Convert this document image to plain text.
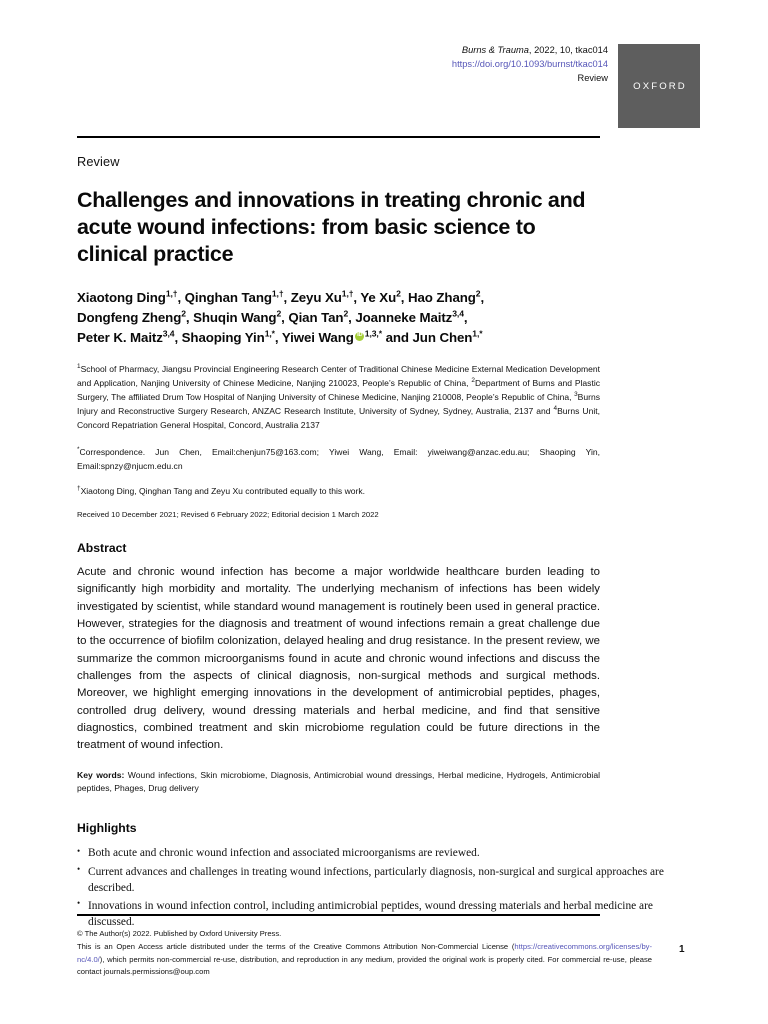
Burns & Trauma, 2022, 10, tkac014
https://doi.org/10.1093/burnst/tkac014
Review
OXFORD
Review
Challenges and innovations in treating chronic and acute wound infections: from basic science to clinical practice
Xiaotong Ding$^{1,\dagger}$, Qinghan Tang$^{1,\dagger}$, Zeyu $Xu^{1,\dagger}$, Ye Xu$^2$, Hao Zhang$^2$,
Dongfeng Zheng$^2$, Shuqin Wang$^2$, Qian Tan$^2$, Joanneke Maitz$^{3,4}$,
Peter K. Maitz$^{3,4}$, Shaoping Yin$^{1,*}$, Yiwei Wang iD $^{1,3,*}$ and Jun Chen$^{1,*}$
$^1$School of Pharmacy, Jiangsu Provincial Engineering Research Center of Traditional Chinese Medicine External Medication Development and Application, Nanjing University of Chinese Medicine, Nanjing 210023, People’s Republic of China, $^2$Department of Burns and Plastic Surgery, The affiliated Drum Tow Hospital of Nanjing University of Chinese Medicine, Nanjing 210008, People’s Republic of China, $^3$Burns Injury and Reconstructive Surgery Research, ANZAC Research Institute, University of Sydney, Sydney, Australia, 2137 and $^4$Burns Unit, Concord Repatriation General Hospital, Concord, Australia 2137
*Correspondence. Jun Chen, Email:chenjun75@163.com; Yiwei Wang, Email: yiweiwang@anzac.edu.au; Shaoping Yin, Email:spnzy@njucm.edu.cn
†Xiaotong Ding, Qinghan Tang and Zeyu Xu contributed equally to this work.
Received 10 December 2021; Revised 6 February 2022; Editorial decision 1 March 2022
Abstract

Acute and chronic wound infection has become a major worldwide healthcare burden leading to significantly high morbidity and mortality. The underlying mechanism of infections has been widely investigated by scientist, while standard wound management is routinely been used in general practice. However, strategies for the diagnosis and treatment of wound infections remain a great challenge due to the occurrence of biofilm colonization, delayed healing and drug resistance. In the present review, we summarize the common microorganisms found in acute and chronic wound infections and discuss the challenges from the aspects of clinical diagnosis, non-surgical methods and surgical methods. Moreover, we highlight emerging innovations in the development of antimicrobial peptides, phages, controlled drug delivery, wound dressing materials and herbal medicine, and find that sensitive diagnostics, combined treatment and skin microbiome regulation could be future directions in the treatment of wound infection.

Key words: Wound infections, Skin microbiome, Diagnosis, Antimicrobial wound dressings, Herbal medicine, Hydrogels, Antimicrobial peptides, Phages, Drug delivery
Highlights
• Both acute and chronic wound infection and associated microorganisms are reviewed.
• Current advances and challenges in treating wound infections, particularly diagnosis, non-surgical and surgical approaches are described.
• Innovations in wound infection control, including antimicrobial peptides, wound dressing materials and herbal medicine are discussed.

© The Author(s) 2022. Published by Oxford University Press.

This is an Open Access article distributed under the terms of the Creative Commons Attribution Non-Commercial License (https://creativecommons.org/licenses/by-nc/4.0/), which permits non-commercial re-use, distribution, and reproduction in any medium, provided the original work is properly cited. For commercial re-use, please contact journals.permissions@oup.com

1
